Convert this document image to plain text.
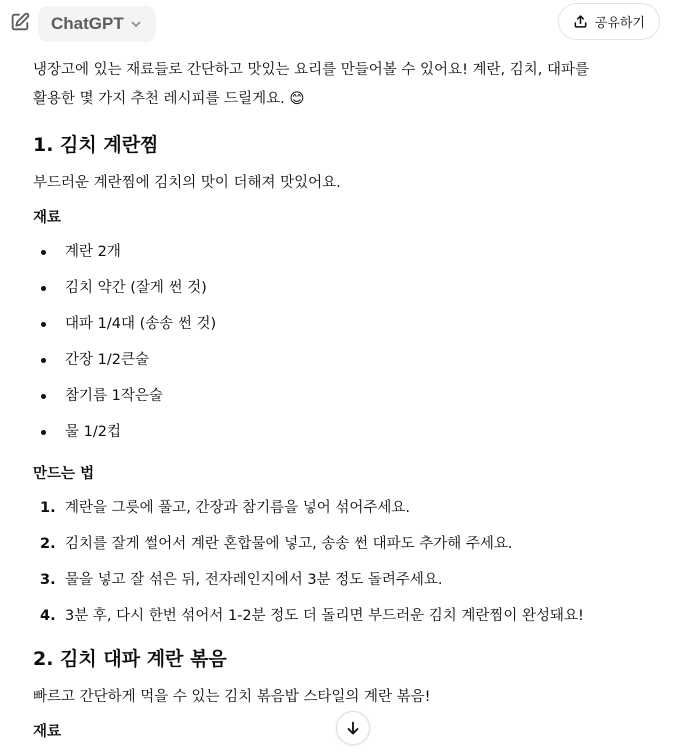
ChatGPT	공유하기

냉장고에 있는 재료들로 간단하고 맛있는 요리를 만들어볼 수 있어요! 계란, 김치, 대파를

활용한 몇 가지 추천 레시피를 드릴게요. 😊

1. 김치 계란찜

부드러운 계란찜에 김치의 맛이 더해져 맛있어요.

재료
계란 2개
김치 약간 (잘게 썬 것)
대파 1/4대 (송송 썬 것)
간장 1/2큰술
참기름 1작은술
물 1/2컵
만드는 법
1. 계란을 그릇에 풀고, 간장과 참기름을 넣어 섞어주세요.
2. 김치를 잘게 썰어서 계란 혼합물에 넣고, 송송 썬 대파도 추가해 주세요.
3. 물을 넣고 잘 섞은 뒤, 전자레인지에서 3분 정도 돌려주세요.
4. 3분 후, 다시 한번 섞어서 1-2분 정도 더 돌리면 부드러운 김치 계란찜이 완성돼요!
2. 김치 대파 계란 볶음

빠르고 간단하게 먹을 수 있는 김치 볶음밥 스타일의 계란 볶음!

재료
